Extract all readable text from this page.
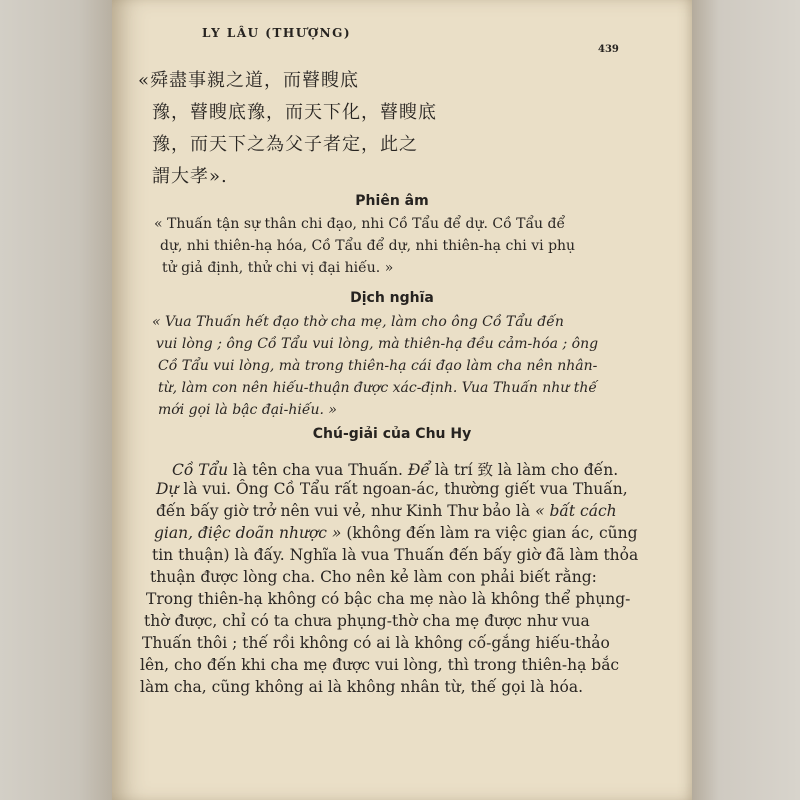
LY LÂU (THƯỢNG)
439
«舜盡事親之道，而瞽瞍底
豫，瞽瞍底豫，而天下化，瞽瞍底
豫，而天下之為父子者定，此之
謂大孝».
Phiên âm
« Thuấn tận sự thân chi đạo, nhi Cồ Tẩu để dự. Cồ Tẩu để
dự, nhi thiên-hạ hóa, Cồ Tẩu để dự, nhi thiên-hạ chi vi phụ
tử giả định, thử chi vị đại hiếu. »
Dịch nghĩa
« Vua Thuấn hết đạo thờ cha mẹ, làm cho ông Cồ Tẩu đến
vui lòng ; ông Cồ Tẩu vui lòng, mà thiên-hạ đều cảm-hóa ; ông
Cồ Tẩu vui lòng, mà trong thiên-hạ cái đạo làm cha nên nhân-
từ, làm con nên hiếu-thuận được xác-định. Vua Thuấn như thế
mới gọi là bậc đại-hiếu. »
Chú-giải của Chu Hy
Cồ Tẩu là tên cha vua Thuấn. Để là trí 致 là làm cho đến.
Dự là vui. Ông Cồ Tẩu rất ngoan-ác, thường giết vua Thuấn,
đến bấy giờ trở nên vui vẻ, như Kinh Thư bảo là « bất cách
gian, điệc doãn nhược » (không đến làm ra việc gian ác, cũng
tin thuận) là đấy. Nghĩa là vua Thuấn đến bấy giờ đã làm thỏa
thuận được lòng cha. Cho nên kẻ làm con phải biết rằng:
Trong thiên-hạ không có bậc cha mẹ nào là không thể phụng-
thờ được, chỉ có ta chưa phụng-thờ cha mẹ được như vua
Thuấn thôi ; thế rồi không có ai là không cố-gắng hiếu-thảo
lên, cho đến khi cha mẹ được vui lòng, thì trong thiên-hạ bắc
làm cha, cũng không ai là không nhân từ, thế gọi là hóa.
